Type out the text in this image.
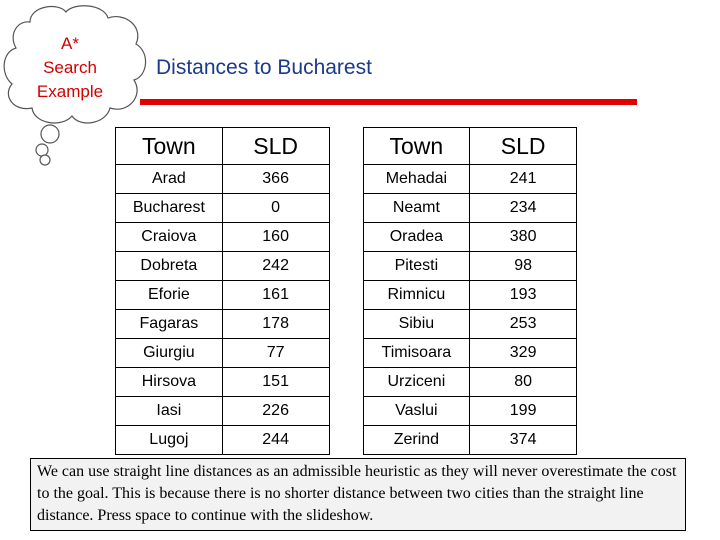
A*
Search
Example
Distances to Bucharest
Town	SLD		Town	SLD
Arad	366		Mehadai	241
Bucharest	0		Neamt	234
Craiova	160		Oradea	380
Dobreta	242		Pitesti	98
Eforie	161		Rimnicu	193
Fagaras	178		Sibiu	253
Giurgiu	77		Timisoara	329
Hirsova	151		Urziceni	80
Iasi	226		Vaslui	199
Lugoj	244		Zerind	374
We can use straight line distances as an admissible heuristic as they will never overestimate the cost to the goal. This is because there is no shorter distance between two cities than the straight line distance. Press space to continue with the slideshow.
